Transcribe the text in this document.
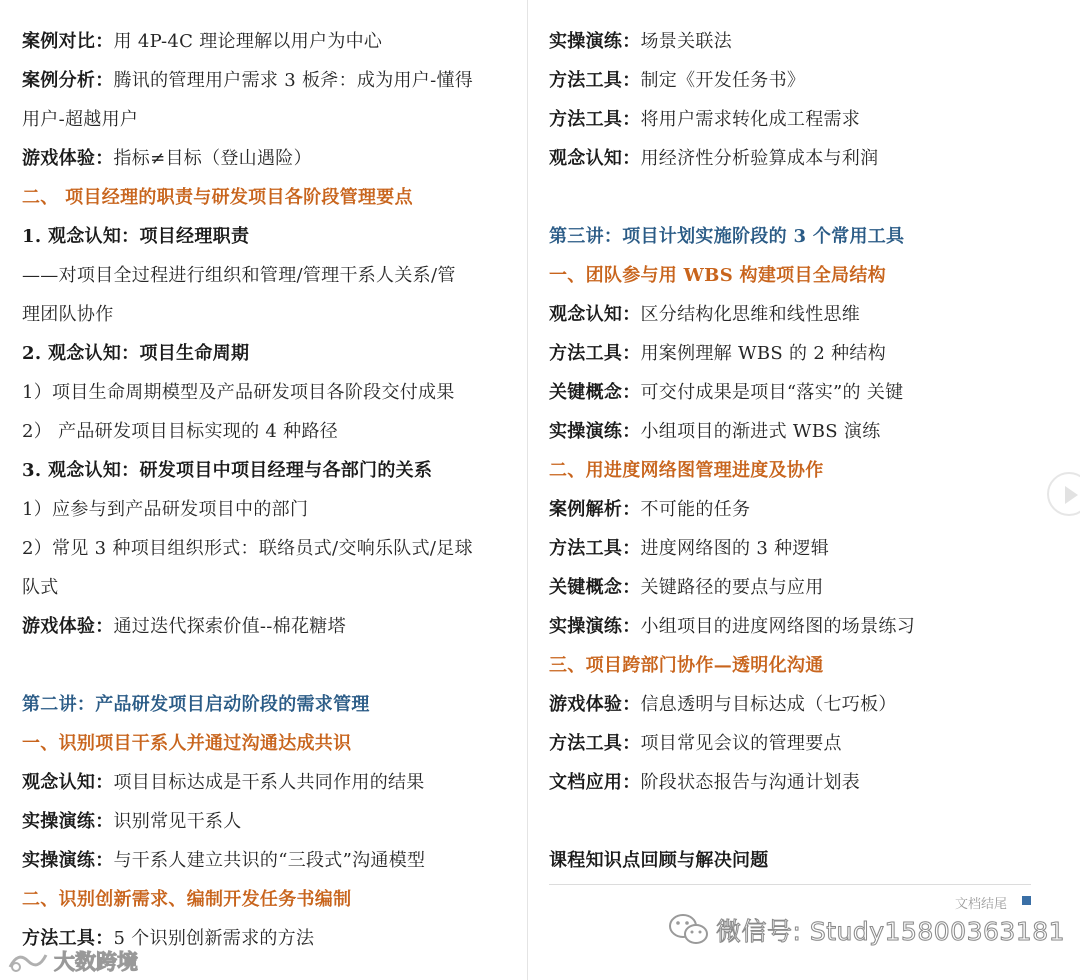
案例对比：用 4P-4C 理论理解以用户为中心
案例分析：腾讯的管理用户需求 3 板斧：成为用户-懂得
用户-超越用户
游戏体验：指标≠目标（登山遇险）
二、 项目经理的职责与研发项目各阶段管理要点
1. 观念认知：项目经理职责
——对项目全过程进行组织和管理/管理干系人关系/管
理团队协作
2. 观念认知：项目生命周期
1）项目生命周期模型及产品研发项目各阶段交付成果
2） 产品研发项目目标实现的 4 种路径
3. 观念认知：研发项目中项目经理与各部门的关系
1）应参与到产品研发项目中的部门
2）常见 3 种项目组织形式：联络员式/交响乐队式/足球
队式
游戏体验：通过迭代探索价值--棉花糖塔
第二讲：产品研发项目启动阶段的需求管理
一、识别项目干系人并通过沟通达成共识
观念认知：项目目标达成是干系人共同作用的结果
实操演练：识别常见干系人
实操演练：与干系人建立共识的“三段式”沟通模型
二、识别创新需求、编制开发任务书编制
方法工具：5 个识别创新需求的方法
实操演练：场景关联法
方法工具：制定《开发任务书》
方法工具：将用户需求转化成工程需求
观念认知：用经济性分析验算成本与利润
第三讲：项目计划实施阶段的 3 个常用工具
一、团队参与用 WBS 构建项目全局结构
观念认知：区分结构化思维和线性思维
方法工具：用案例理解 WBS 的 2 种结构
关键概念：可交付成果是项目“落实”的 关键
实操演练：小组项目的渐进式 WBS 演练
二、用进度网络图管理进度及协作
案例解析：不可能的任务
方法工具：进度网络图的 3 种逻辑
关键概念：关键路径的要点与应用
实操演练：小组项目的进度网络图的场景练习
三、项目跨部门协作—透明化沟通
游戏体验：信息透明与目标达成（七巧板）
方法工具：项目常见会议的管理要点
文档应用：阶段状态报告与沟通计划表
课程知识点回顾与解决问题
文档结尾
微信号: Study15800363181
大数跨境
